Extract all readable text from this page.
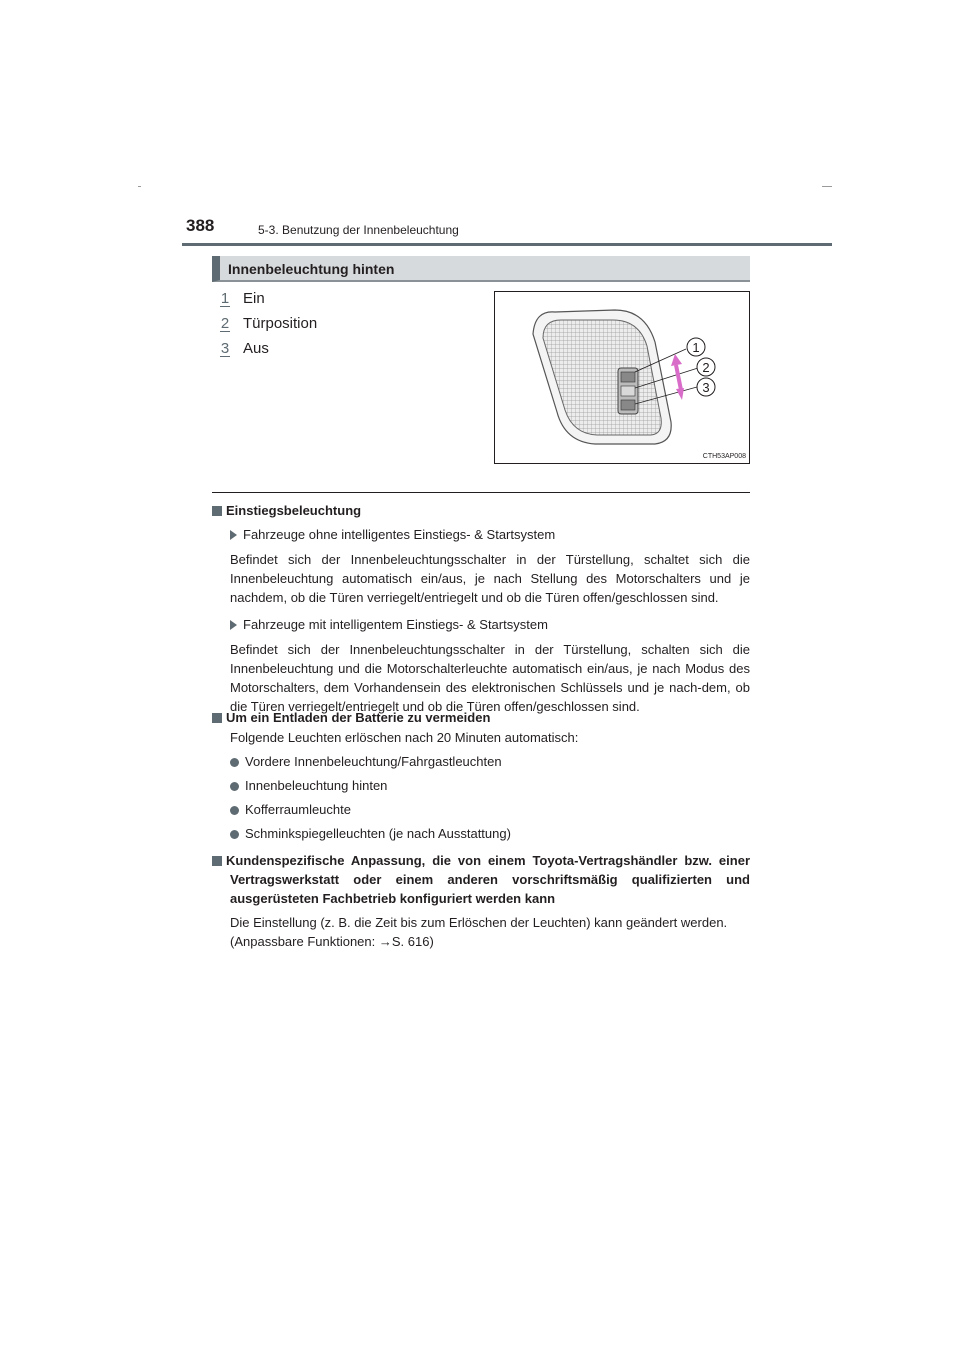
388	5-3. Benutzung der Innenbeleuchtung
Innenbeleuchtung hinten
1 Ein
2 Türposition
3 Aus	1
2
3
CTH53AP008
Einstiegsbeleuchtung
Fahrzeuge ohne intelligentes Einstiegs- & Startsystem
Befindet sich der Innenbeleuchtungsschalter in der Türstellung, schaltet sich die Innenbeleuchtung automatisch ein/aus, je nach Stellung des Motorschalters und je nachdem, ob die Türen verriegelt/entriegelt und ob die Türen offen/geschlossen sind.
Fahrzeuge mit intelligentem Einstiegs- & Startsystem
Befindet sich der Innenbeleuchtungsschalter in der Türstellung, schalten sich die Innenbeleuchtung und die Motorschalterleuchte automatisch ein/aus, je nach Modus des Motorschalters, dem Vorhandensein des elektronischen Schlüssels und je nach-dem, ob die Türen verriegelt/entriegelt und ob die Türen offen/geschlossen sind.
Um ein Entladen der Batterie zu vermeiden
Folgende Leuchten erlöschen nach 20 Minuten automatisch:
Vordere Innenbeleuchtung/Fahrgastleuchten
Innenbeleuchtung hinten
Kofferraumleuchte
Schminkspiegelleuchten (je nach Ausstattung)
Kundenspezifische Anpassung, die von einem Toyota-Vertragshändler bzw. einer Vertragswerkstatt oder einem anderen vorschriftsmäßig qualifizierten und ausgerüsteten Fachbetrieb konfiguriert werden kann
Die Einstellung (z. B. die Zeit bis zum Erlöschen der Leuchten) kann geändert werden.
(Anpassbare Funktionen: →S. 616)
